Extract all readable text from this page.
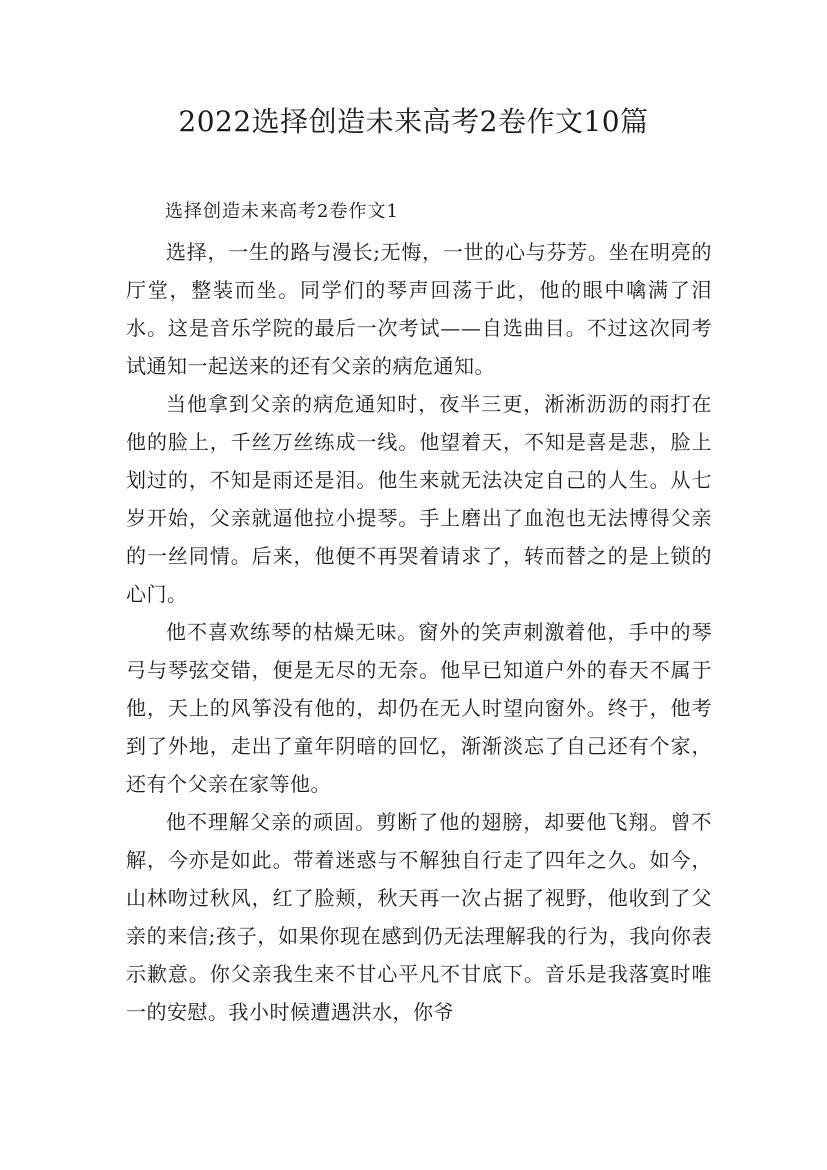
2022选择创造未来高考2卷作文10篇
选择创造未来高考2卷作文1

选择，一生的路与漫长;无悔，一世的心与芬芳。坐在明亮的厅堂，整装而坐。同学们的琴声回荡于此，他的眼中噙满了泪水。这是音乐学院的最后一次考试——自选曲目。不过这次同考试通知一起送来的还有父亲的病危通知。

当他拿到父亲的病危通知时，夜半三更，淅淅沥沥的雨打在他的脸上，千丝万丝练成一线。他望着天，不知是喜是悲，脸上划过的，不知是雨还是泪。他生来就无法决定自己的人生。从七岁开始，父亲就逼他拉小提琴。手上磨出了血泡也无法博得父亲的一丝同情。后来，他便不再哭着请求了，转而替之的是上锁的心门。

他不喜欢练琴的枯燥无味。窗外的笑声刺激着他，手中的琴弓与琴弦交错，便是无尽的无奈。他早已知道户外的春天不属于他，天上的风筝没有他的，却仍在无人时望向窗外。终于，他考到了外地，走出了童年阴暗的回忆，渐渐淡忘了自己还有个家，还有个父亲在家等他。

他不理解父亲的顽固。剪断了他的翅膀，却要他飞翔。曾不解，今亦是如此。带着迷惑与不解独自行走了四年之久。如今，山林吻过秋风，红了脸颊，秋天再一次占据了视野，他收到了父亲的来信;孩子，如果你现在感到仍无法理解我的行为，我向你表示歉意。你父亲我生来不甘心平凡不甘底下。音乐是我落寞时唯一的安慰。我小时候遭遇洪水，你爷
